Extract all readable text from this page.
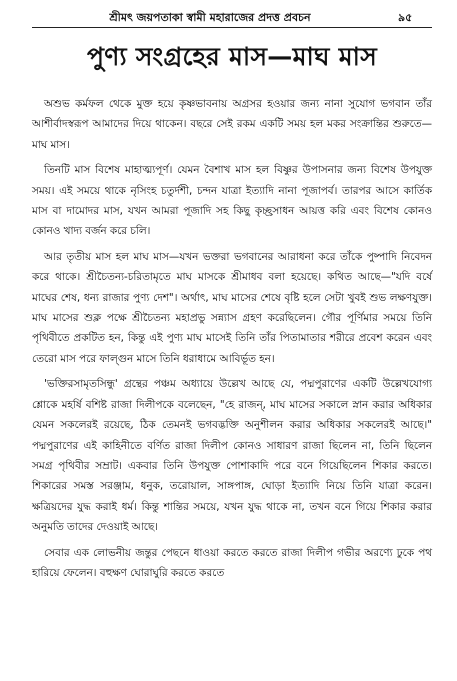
শ্রীমৎ জয়পতাকা স্বামী মহারাজের প্রদত্ত প্রবচন	৯৫
পুণ্য সংগ্রহের মাস—মাঘ মাস

অশুভ কর্মফল থেকে মুক্ত হয়ে কৃষ্ণভাবনায় অগ্রসর হওয়ার জন্য নানা সুযোগ ভগবান তাঁর আশীর্বাদস্বরূপ আমাদের দিয়ে থাকেন। বছরে সেই রকম একটি সময় হল মকর সংক্রান্তির শুরুতে—মাঘ মাস।

তিনটি মাস বিশেষ মাহাত্ম্যপূর্ণ। যেমন বৈশাখ মাস হল বিষ্ণুর উপাসনার জন্য বিশেষ উপযুক্ত সময়। এই সময়ে থাকে নৃসিংহ চতুর্দশী, চন্দন যাত্রা ইত্যাদি নানা পূজাপর্ব। তারপর আসে কার্তিক মাস বা দামোদর মাস, যখন আমরা পূজাদি সহ কিছু কৃচ্ছ্রসাধন আয়ত্ত করি এবং বিশেষ কোনও কোনও খাদ্য বর্জন করে চলি।

আর তৃতীয় মাস হল মাঘ মাস—যখন ভক্তরা ভগবানের আরাধনা করে তাঁকে পুষ্পাদি নিবেদন করে থাকে। শ্রীচৈতন্য-চরিতামৃতে মাঘ মাসকে শ্রীমাধব বলা হয়েছে। কথিত আছে—"যদি বর্ষে মাঘের শেষ, ধন্য রাজার পুণ্য দেশ"। অর্থাৎ, মাঘ মাসের শেষে বৃষ্টি হলে সেটা খুবই শুভ লক্ষণযুক্ত। মাঘ মাসের শুক্ল পক্ষে শ্রীচৈতন্য মহাপ্রভু সন্ন্যাস গ্রহণ করেছিলেন। গৌর পূর্ণিমার সময়ে তিনি পৃথিবীতে প্রকটিত হন, কিন্তু এই পুণ্য মাঘ মাসেই তিনি তাঁর পিতামাতার শরীরে প্রবেশ করেন এবং তেরো মাস পরে ফাল্গুন মাসে তিনি ধরাধামে আবির্ভূত হন।

'ভক্তিরসামৃতসিন্ধু' গ্রন্থের পঞ্চম অধ্যায়ে উল্লেখ আছে যে, পদ্মপুরাণের একটি উল্লেখযোগ্য শ্লোকে মহর্ষি বশিষ্ট রাজা দিলীপকে বলেছেন, "হে রাজন্, মাঘ মাসের সকালে স্নান করার অধিকার যেমন সকলেরই রয়েছে, ঠিক তেমনই ভগবদ্ভক্তি অনুশীলন করার অধিকার সকলেরই আছে।" পদ্মপুরাণের এই কাহিনীতে বর্ণিত রাজা দিলীপ কোনও সাধারণ রাজা ছিলেন না, তিনি ছিলেন সমগ্র পৃথিবীর সম্রাট। একবার তিনি উপযুক্ত পোশাকাদি পরে বনে গিয়েছিলেন শিকার করতে। শিকারের সমস্ত সরঞ্জাম, ধনুক, তরোয়াল, সাঙ্গপাঙ্গ, ঘোড়া ইত্যাদি নিয়ে তিনি যাত্রা করেন। ক্ষত্রিয়দের যুদ্ধ করাই ধর্ম। কিন্তু শান্তির সময়ে, যখন যুদ্ধ থাকে না, তখন বনে গিয়ে শিকার করার অনুমতি তাদের দেওয়াই আছে।

সেবার এক লোভনীয় জন্তুর পেছনে ধাওয়া করতে করতে রাজা দিলীপ গভীর অরণ্যে ঢুকে পথ হারিয়ে ফেলেন। বহুক্ষণ ঘোরাঘুরি করতে করতে
